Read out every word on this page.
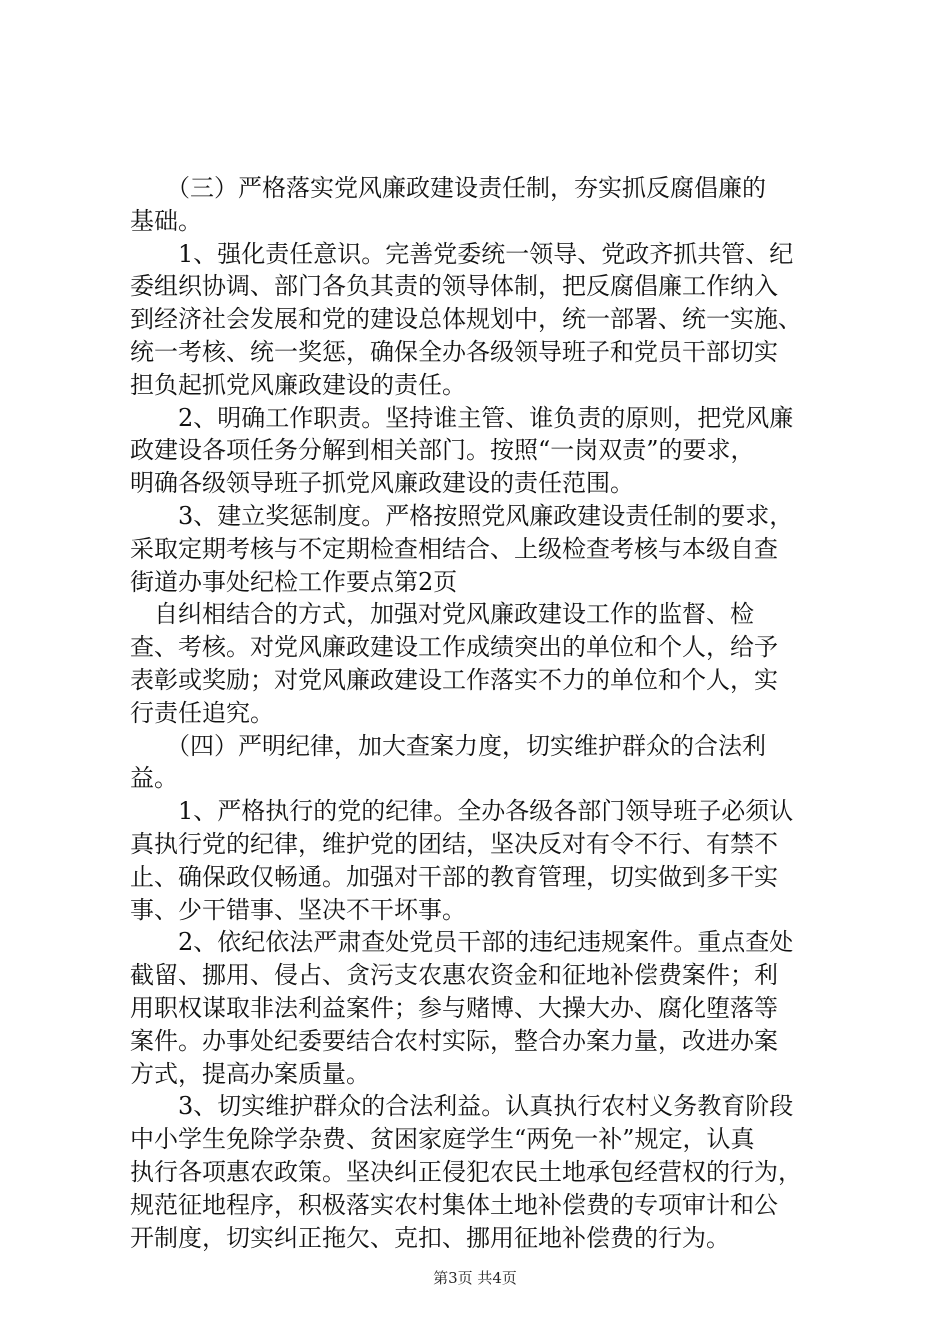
　　（三）严格落实党风廉政建设责任制，夯实抓反腐倡廉的
基础。
　　1、强化责任意识。完善党委统一领导、党政齐抓共管、纪
委组织协调、部门各负其责的领导体制，把反腐倡廉工作纳入
到经济社会发展和党的建设总体规划中，统一部署、统一实施、
统一考核、统一奖惩，确保全办各级领导班子和党员干部切实
担负起抓党风廉政建设的责任。
　　2、明确工作职责。坚持谁主管、谁负责的原则，把党风廉
政建设各项任务分解到相关部门。按照“一岗双责”的要求，
明确各级领导班子抓党风廉政建设的责任范围。
　　3、建立奖惩制度。严格按照党风廉政建设责任制的要求，
采取定期考核与不定期检查相结合、上级检查考核与本级自查
街道办事处纪检工作要点第2页
　自纠相结合的方式，加强对党风廉政建设工作的监督、检
查、考核。对党风廉政建设工作成绩突出的单位和个人，给予
表彰或奖励；对党风廉政建设工作落实不力的单位和个人，实
行责任追究。
　　（四）严明纪律，加大查案力度，切实维护群众的合法利
益。
　　1、严格执行的党的纪律。全办各级各部门领导班子必须认
真执行党的纪律，维护党的团结，坚决反对有令不行、有禁不
止、确保政仅畅通。加强对干部的教育管理，切实做到多干实
事、少干错事、坚决不干坏事。
　　2、依纪依法严肃查处党员干部的违纪违规案件。重点查处
截留、挪用、侵占、贪污支农惠农资金和征地补偿费案件；利
用职权谋取非法利益案件；参与赌博、大操大办、腐化堕落等
案件。办事处纪委要结合农村实际，整合办案力量，改进办案
方式，提高办案质量。
　　3、切实维护群众的合法利益。认真执行农村义务教育阶段
中小学生免除学杂费、贫困家庭学生“两免一补”规定，认真
执行各项惠农政策。坚决纠正侵犯农民土地承包经营权的行为，
规范征地程序，积极落实农村集体土地补偿费的专项审计和公
开制度，切实纠正拖欠、克扣、挪用征地补偿费的行为。
第3页 共4页
